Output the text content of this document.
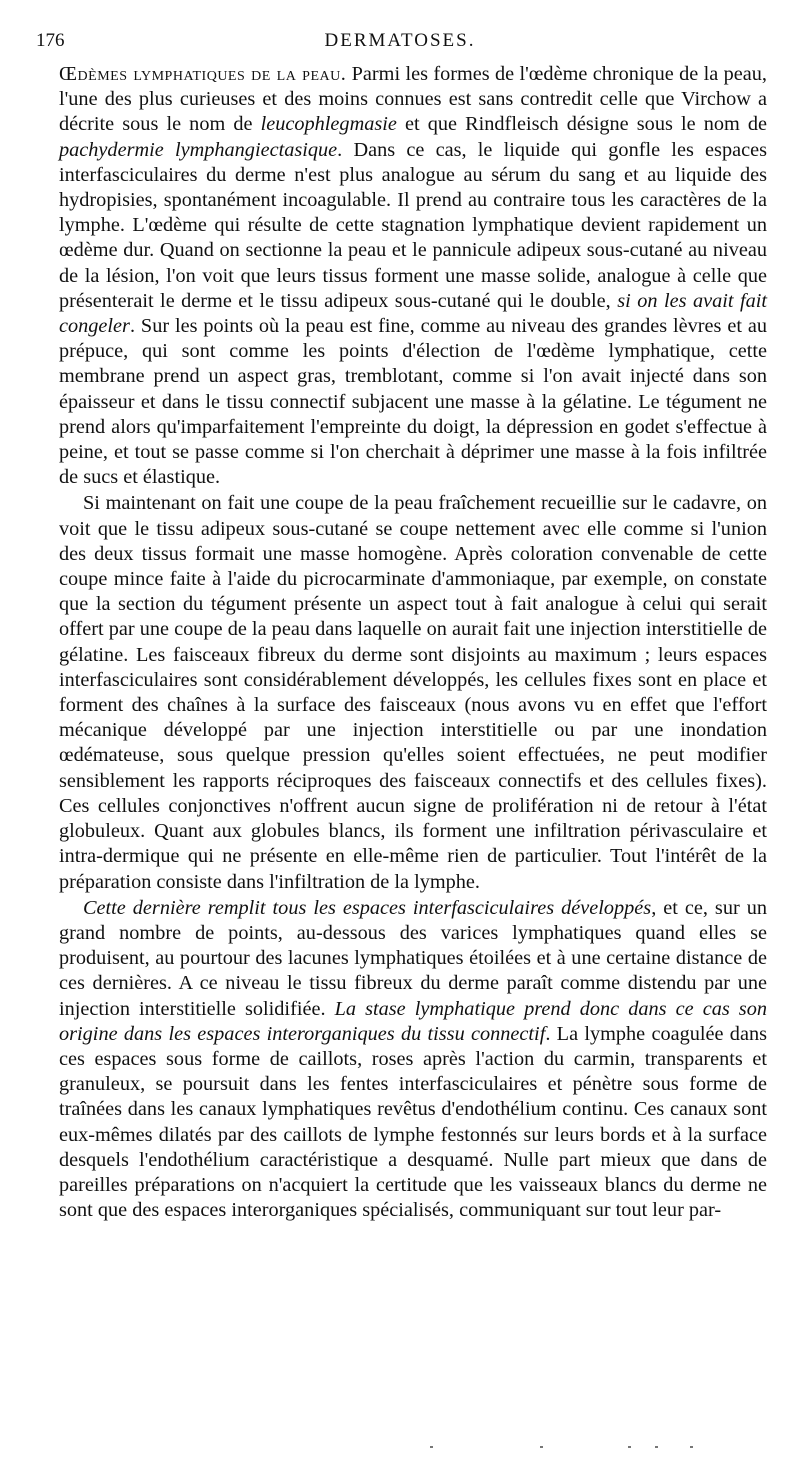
176	DERMATOSES.

Œdèmes lymphatiques de la peau. Parmi les formes de l'œdème chronique de la peau, l'une des plus curieuses et des moins connues est sans contredit celle que Virchow a décrite sous le nom de leucophlegmasie et que Rindfleisch désigne sous le nom de pachydermie lymphangiectasique. Dans ce cas, le liquide qui gonfle les espaces interfasciculaires du derme n'est plus analogue au sérum du sang et au liquide des hydropisies, spontanément incoagulable. Il prend au contraire tous les caractères de la lymphe. L'œdème qui résulte de cette stagnation lymphatique devient rapidement un œdème dur. Quand on sectionne la peau et le pannicule adipeux sous-cutané au niveau de la lésion, l'on voit que leurs tissus forment une masse solide, analogue à celle que présenterait le derme et le tissu adipeux sous-cutané qui le double, si on les avait fait congeler. Sur les points où la peau est fine, comme au niveau des grandes lèvres et au prépuce, qui sont comme les points d'élection de l'œdème lymphatique, cette membrane prend un aspect gras, tremblotant, comme si l'on avait injecté dans son épaisseur et dans le tissu connectif subjacent une masse à la gélatine. Le tégument ne prend alors qu'imparfaitement l'empreinte du doigt, la dépression en godet s'effectue à peine, et tout se passe comme si l'on cherchait à déprimer une masse à la fois infiltrée de sucs et élastique.

Si maintenant on fait une coupe de la peau fraîchement recueillie sur le cadavre, on voit que le tissu adipeux sous-cutané se coupe nettement avec elle comme si l'union des deux tissus formait une masse homogène. Après coloration convenable de cette coupe mince faite à l'aide du picrocarminate d'ammoniaque, par exemple, on constate que la section du tégument présente un aspect tout à fait analogue à celui qui serait offert par une coupe de la peau dans laquelle on aurait fait une injection interstitielle de gélatine. Les faisceaux fibreux du derme sont disjoints au maximum ; leurs espaces interfasciculaires sont considérablement développés, les cellules fixes sont en place et forment des chaînes à la surface des faisceaux (nous avons vu en effet que l'effort mécanique développé par une injection interstitielle ou par une inondation œdémateuse, sous quelque pression qu'elles soient effectuées, ne peut modifier sensiblement les rapports réciproques des faisceaux connectifs et des cellules fixes). Ces cellules conjonctives n'offrent aucun signe de prolifération ni de retour à l'état globuleux. Quant aux globules blancs, ils forment une infiltration périvasculaire et intra-dermique qui ne présente en elle-même rien de particulier. Tout l'intérêt de la préparation consiste dans l'infiltration de la lymphe.

Cette dernière remplit tous les espaces interfasciculaires développés, et ce, sur un grand nombre de points, au-dessous des varices lymphatiques quand elles se produisent, au pourtour des lacunes lymphatiques étoilées et à une certaine distance de ces dernières. A ce niveau le tissu fibreux du derme paraît comme distendu par une injection interstitielle solidifiée. La stase lymphatique prend donc dans ce cas son origine dans les espaces interorganiques du tissu connectif. La lymphe coagulée dans ces espaces sous forme de caillots, roses après l'action du carmin, transparents et granuleux, se poursuit dans les fentes interfasciculaires et pénètre sous forme de traînées dans les canaux lymphatiques revêtus d'endothélium continu. Ces canaux sont eux-mêmes dilatés par des caillots de lymphe festonnés sur leurs bords et à la surface desquels l'endothélium caractéristique a desquamé. Nulle part mieux que dans de pareilles préparations on n'acquiert la certitude que les vaisseaux blancs du derme ne sont que des espaces interorganiques spécialisés, communiquant sur tout leur par-
